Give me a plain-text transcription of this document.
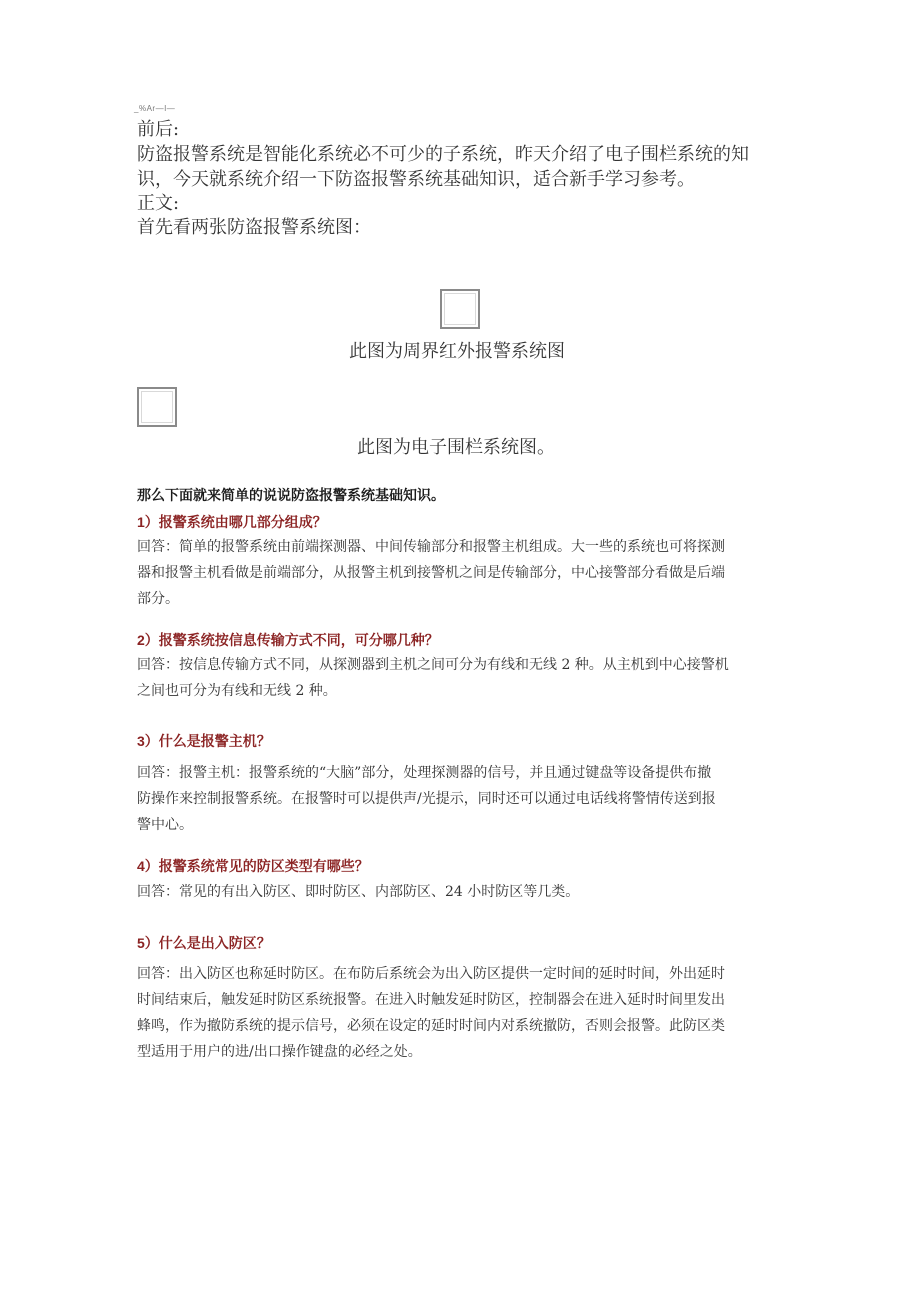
_%Ar—I—
前后:
防盗报警系统是智能化系统必不可少的子系统，昨天介绍了电子围栏系统的知
识，今天就系统介绍一下防盗报警系统基础知识，适合新手学习参考。
正文:
首先看两张防盗报警系统图：
此图为周界红外报警系统图
此图为电子围栏系统图。
那么下面就来简单的说说防盗报警系统基础知识。
1）报警系统由哪几部分组成？
回答：简单的报警系统由前端探测器、中间传输部分和报警主机组成。大一些的系统也可将探测
器和报警主机看做是前端部分，从报警主机到接警机之间是传输部分，中心接警部分看做是后端
部分。
2）报警系统按信息传输方式不同，可分哪几种？
回答：按信息传输方式不同，从探测器到主机之间可分为有线和无线 2 种。从主机到中心接警机
之间也可分为有线和无线 2 种。
3）什么是报警主机？
回答：报警主机：报警系统的“大脑”部分，处理探测器的信号，并且通过键盘等设备提供布撤
防操作来控制报警系统。在报警时可以提供声/光提示，同时还可以通过电话线将警情传送到报
警中心。
4）报警系统常见的防区类型有哪些？
回答：常见的有出入防区、即时防区、内部防区、24 小时防区等几类。
5）什么是出入防区？
回答：出入防区也称延时防区。在布防后系统会为出入防区提供一定时间的延时时间，外出延时
时间结束后，触发延时防区系统报警。在进入时触发延时防区，控制器会在进入延时时间里发出
蜂鸣，作为撤防系统的提示信号，必须在设定的延时时间内对系统撤防，否则会报警。此防区类
型适用于用户的进/出口操作键盘的必经之处。
